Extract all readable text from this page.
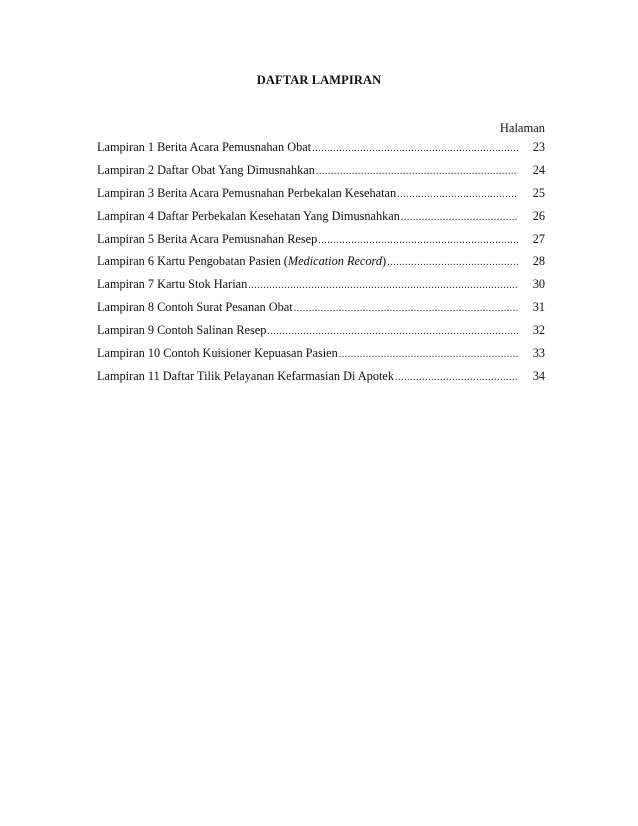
DAFTAR LAMPIRAN
Halaman
Lampiran 1 Berita Acara Pemusnahan Obat .....	23
Lampiran 2 Daftar Obat Yang Dimusnahkan .....	24
Lampiran 3 Berita Acara Pemusnahan Perbekalan Kesehatan .....	25
Lampiran 4 Daftar Perbekalan Kesehatan Yang Dimusnahkan .....	26
Lampiran 5 Berita Acara Pemusnahan Resep .....	27
Lampiran 6 Kartu Pengobatan Pasien (Medication Record) .....	28
Lampiran 7 Kartu Stok Harian .....	30
Lampiran 8 Contoh Surat Pesanan Obat .....	31
Lampiran 9 Contoh Salinan Resep .....	32
Lampiran 10 Contoh Kuisioner Kepuasan Pasien .....	33
Lampiran 11 Daftar Tilik Pelayanan Kefarmasian Di Apotek .....	34
